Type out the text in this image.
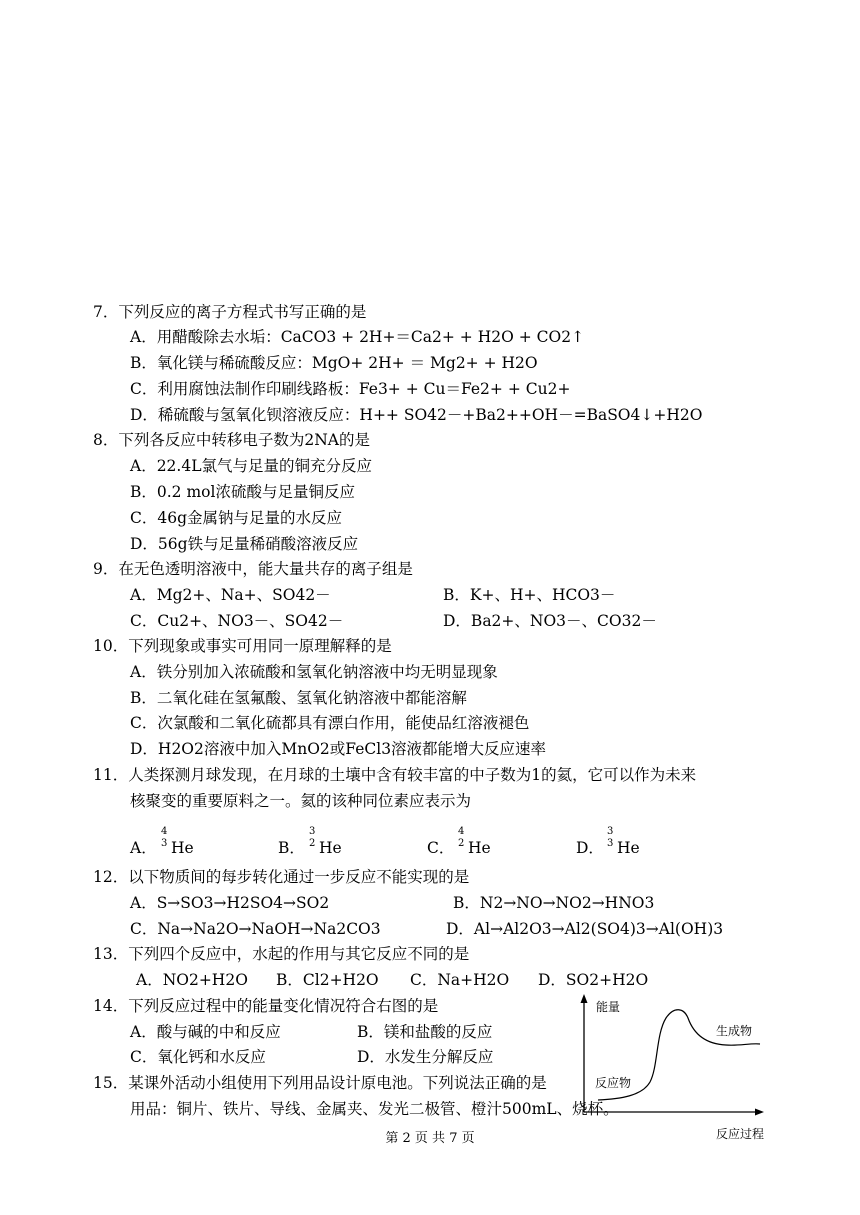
7．下列反应的离子方程式书写正确的是
A．用醋酸除去水垢：CaCO3 + 2H+＝Ca2+ + H2O + CO2↑
B．氧化镁与稀硫酸反应：MgO+ 2H+ ＝ Mg2+ + H2O
C．利用腐蚀法制作印刷线路板：Fe3+ + Cu＝Fe2+ + Cu2+
D．稀硫酸与氢氧化钡溶液反应：H++ SO42－+Ba2++OH－=BaSO4↓+H2O
8．下列各反应中转移电子数为2NA的是
A．22.4L氯气与足量的铜充分反应
B．0.2 mol浓硫酸与足量铜反应
C．46g金属钠与足量的水反应
D．56g铁与足量稀硝酸溶液反应
9．在无色透明溶液中，能大量共存的离子组是
A．Mg2+、Na+、SO42－	B．K+、H+、HCO3－
C．Cu2+、NO3－、SO42－	D．Ba2+、NO3－、CO32－
10．下列现象或事实可用同一原理解释的是
A．铁分别加入浓硫酸和氢氧化钠溶液中均无明显现象
B．二氧化硅在氢氟酸、氢氧化钠溶液中都能溶解
C．次氯酸和二氧化硫都具有漂白作用，能使品红溶液褪色
D．H2O2溶液中加入MnO2或FeCl3溶液都能增大反应速率
11．人类探测月球发现，在月球的土壤中含有较丰富的中子数为1的氦，它可以作为未来
核聚变的重要原料之一。氦的该种同位素应表示为
A．
4
3 He	B．
3
2 He	C．
4
2 He	D．
3
3 He
12．以下物质间的每步转化通过一步反应不能实现的是
A．S→SO3→H2SO4→SO2	B．N2→NO→NO2→HNO3
C．Na→Na2O→NaOH→Na2CO3	D．Al→Al2O3→Al2(SO4)3→Al(OH)3
13．下列四个反应中，水起的作用与其它反应不同的是
A．NO2+H2O B．Cl2+H2O C．Na+H2O D．SO2+H2O
14．下列反应过程中的能量变化情况符合右图的是
A．酸与碱的中和反应	B．镁和盐酸的反应
C．氧化钙和水反应	D．水发生分解反应
能量
反应过程
生成物
反应物
15．某课外活动小组使用下列用品设计原电池。下列说法正确的是
用品：铜片、铁片、导线、金属夹、发光二极管、橙汁500mL、烧杯。
第 2 页 共 7 页
